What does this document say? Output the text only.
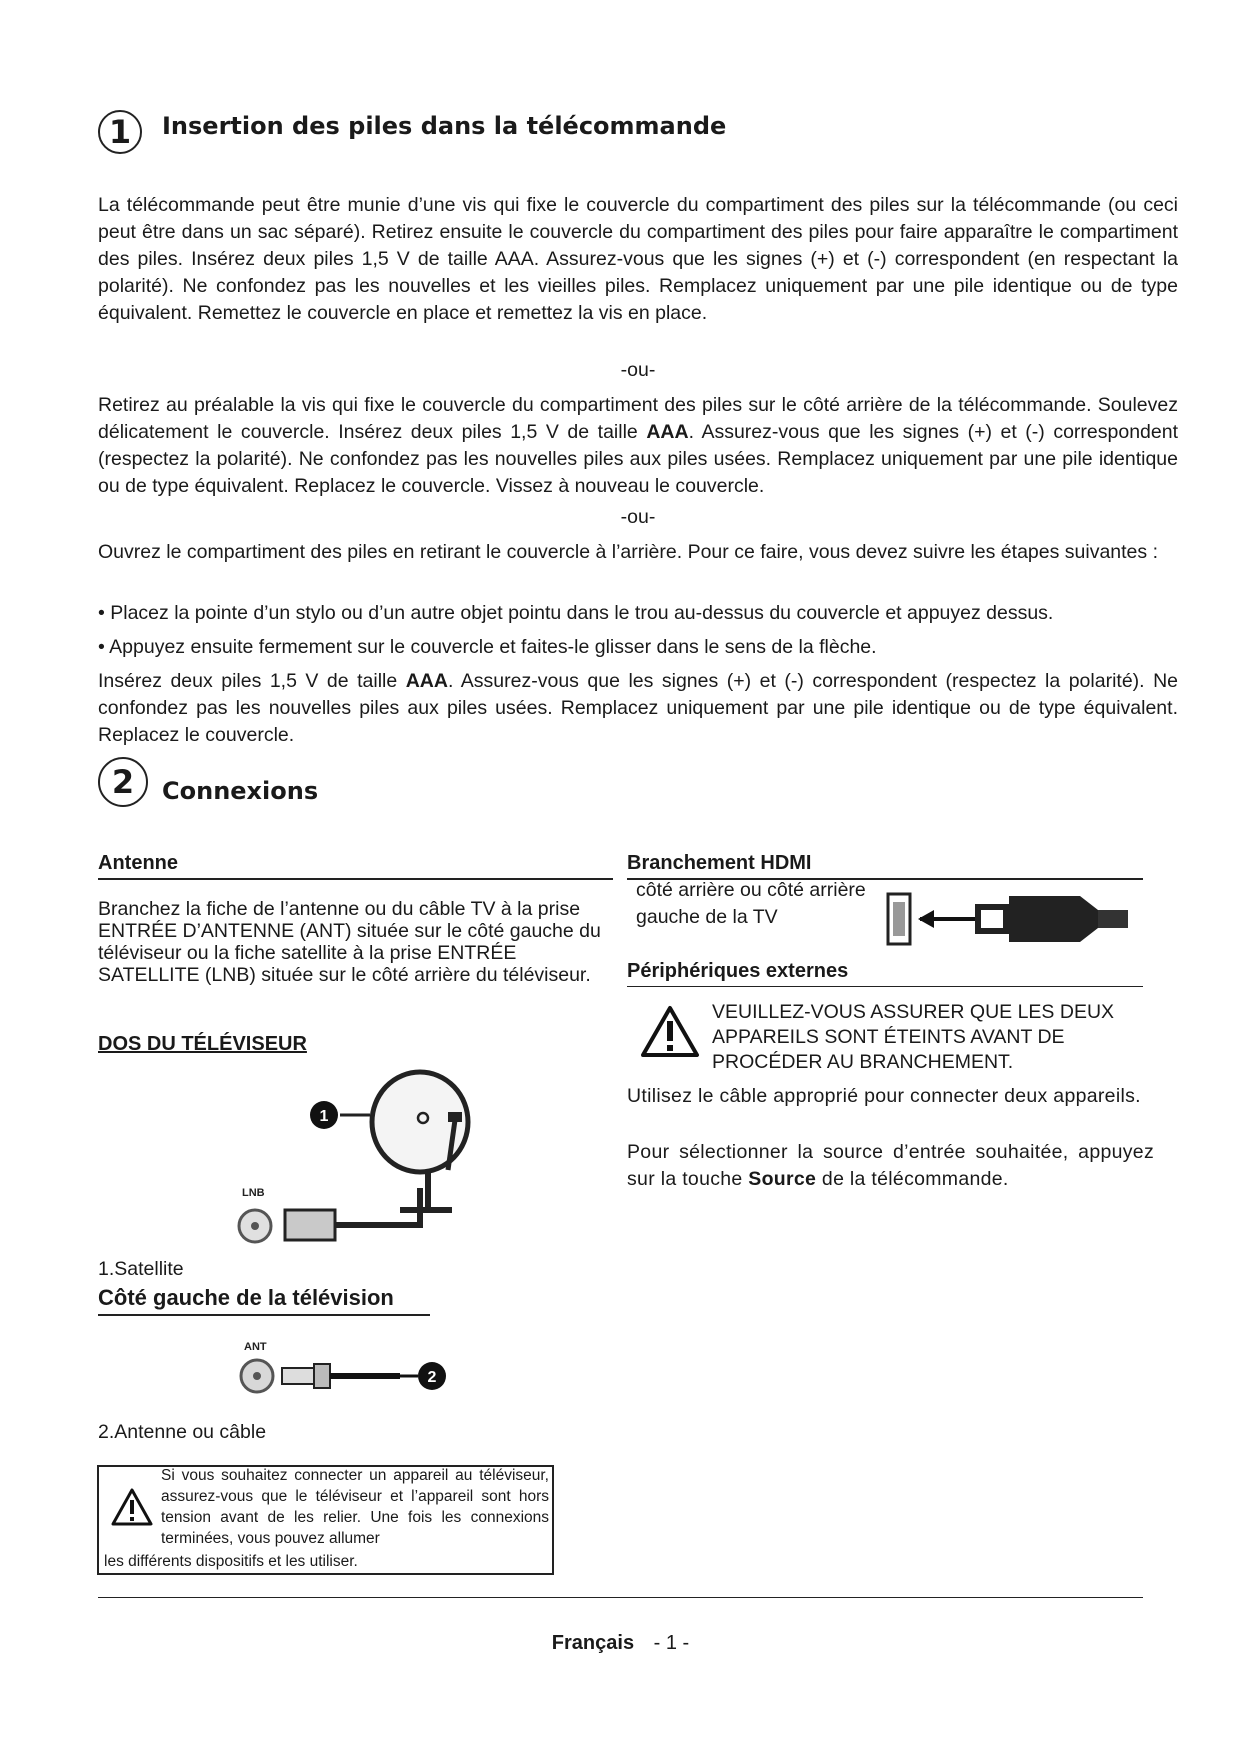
1	Insertion des piles dans la télécommande
La télécommande peut être munie d’une vis qui fixe le couvercle du compartiment des piles sur la télécommande (ou ceci peut être dans un sac séparé). Retirez ensuite le couvercle du compartiment des piles pour faire apparaître le compartiment des piles. Insérez deux piles 1,5 V de taille AAA. Assurez-vous que les signes (+) et (-) correspondent (en respectant la polarité). Ne confondez pas les nouvelles et les vieilles piles. Remplacez uniquement par une pile identique ou de type équivalent. Remettez le couvercle en place et remettez la vis en place.
-ou-
Retirez au préalable la vis qui fixe le couvercle du compartiment des piles sur le côté arrière de la télécommande. Soulevez délicatement le couvercle. Insérez deux piles 1,5 V de taille AAA. Assurez-vous que les signes (+) et (-) correspondent (respectez la polarité). Ne confondez pas les nouvelles piles aux piles usées. Remplacez uniquement par une pile identique ou de type équivalent. Replacez le couvercle. Vissez à nouveau le couvercle.
-ou-
Ouvrez le compartiment des piles en retirant le couvercle à l’arrière. Pour ce faire, vous devez suivre les étapes suivantes :
• Placez la pointe d’un stylo ou d’un autre objet pointu dans le trou au-dessus du couvercle et appuyez dessus.
• Appuyez ensuite fermement sur le couvercle et faites-le glisser dans le sens de la flèche.
Insérez deux piles 1,5 V de taille AAA. Assurez-vous que les signes (+) et (-) correspondent (respectez la polarité). Ne confondez pas les nouvelles piles aux piles usées. Remplacez uniquement par une pile identique ou de type équivalent. Replacez le couvercle.
2	Connexions
Antenne
Branchez la fiche de l’antenne ou du câble TV à la prise ENTRÉE D’ANTENNE (ANT) située sur le côté gauche du téléviseur ou la fiche satellite à la prise ENTRÉE SATELLITE (LNB) située sur le côté arrière du téléviseur.
DOS DU TÉLÉVISEUR
1
LNB
1.Satellite
Côté gauche de la télévision
ANT
2
2.Antenne ou câble
Si vous souhaitez connecter un appareil au téléviseur, assurez-vous que le téléviseur et l’appareil sont hors tension avant de les relier. Une fois les connexions terminées, vous pouvez allumer
les différents dispositifs et les utiliser.
Branchement HDMI
côté arrière ou côté arrière gauche de la TV
Périphériques externes
VEUILLEZ-VOUS ASSURER QUE LES DEUX APPAREILS SONT ÉTEINTS AVANT DE PROCÉDER AU BRANCHEMENT.
Utilisez le câble approprié pour connecter deux appareils.
Pour sélectionner la source d’entrée souhaitée, appuyez sur la touche Source de la télécommande.
Français - 1 -
